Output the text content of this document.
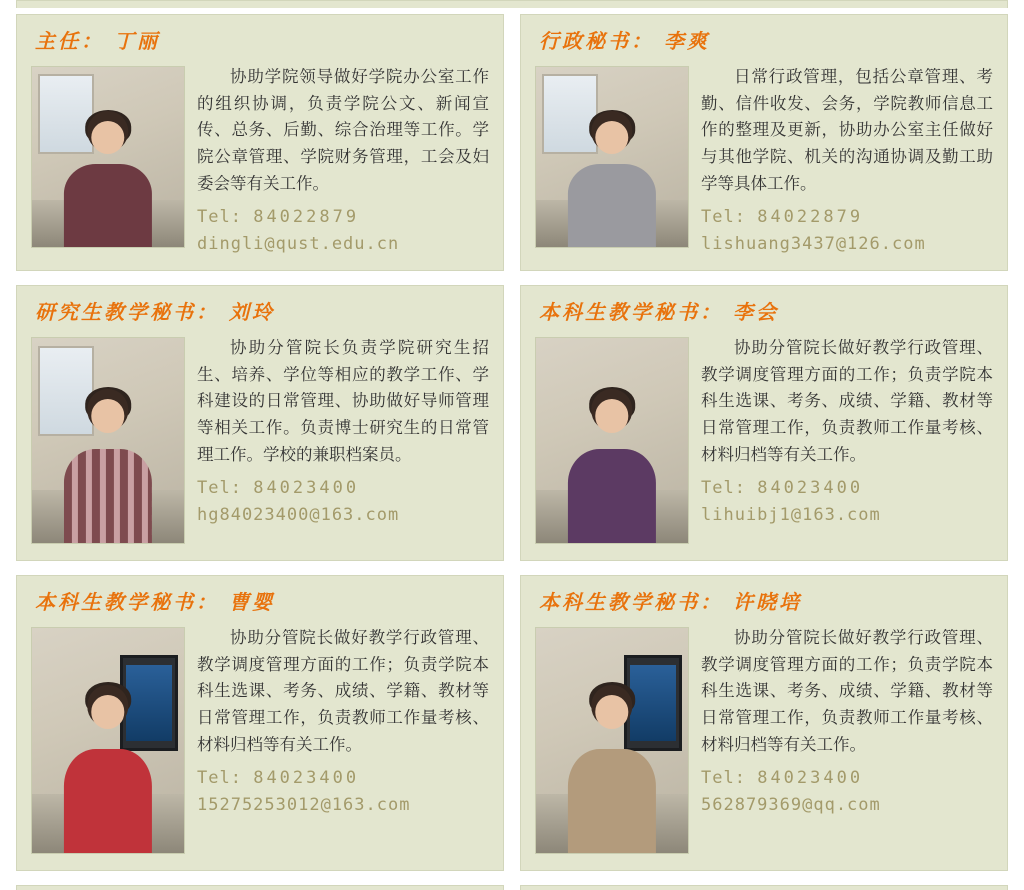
主任： 丁丽
协助学院领导做好学院办公室工作的组织协调，负责学院公文、新闻宣传、总务、后勤、综合治理等工作。学院公章管理、学院财务管理，工会及妇委会等有关工作。
Tel: 84022879
dingli@qust.edu.cn
行政秘书： 李爽
日常行政管理，包括公章管理、考勤、信件收发、会务，学院教师信息工作的整理及更新，协助办公室主任做好与其他学院、机关的沟通协调及勤工助学等具体工作。
Tel: 84022879
lishuang3437@126.com
研究生教学秘书： 刘玲
协助分管院长负责学院研究生招生、培养、学位等相应的教学工作、学科建设的日常管理、协助做好导师管理等相关工作。负责博士研究生的日常管理工作。学校的兼职档案员。
Tel: 84023400
hg84023400@163.com
本科生教学秘书： 李会
协助分管院长做好教学行政管理、教学调度管理方面的工作；负责学院本科生选课、考务、成绩、学籍、教材等日常管理工作，负责教师工作量考核、材料归档等有关工作。
Tel: 84023400
lihuibj1@163.com
本科生教学秘书： 曹婴
协助分管院长做好教学行政管理、教学调度管理方面的工作；负责学院本科生选课、考务、成绩、学籍、教材等日常管理工作，负责教师工作量考核、材料归档等有关工作。
Tel: 84023400
15275253012@163.com
本科生教学秘书： 许晓培
协助分管院长做好教学行政管理、教学调度管理方面的工作；负责学院本科生选课、考务、成绩、学籍、教材等日常管理工作，负责教师工作量考核、材料归档等有关工作。
Tel: 84023400
562879369@qq.com
